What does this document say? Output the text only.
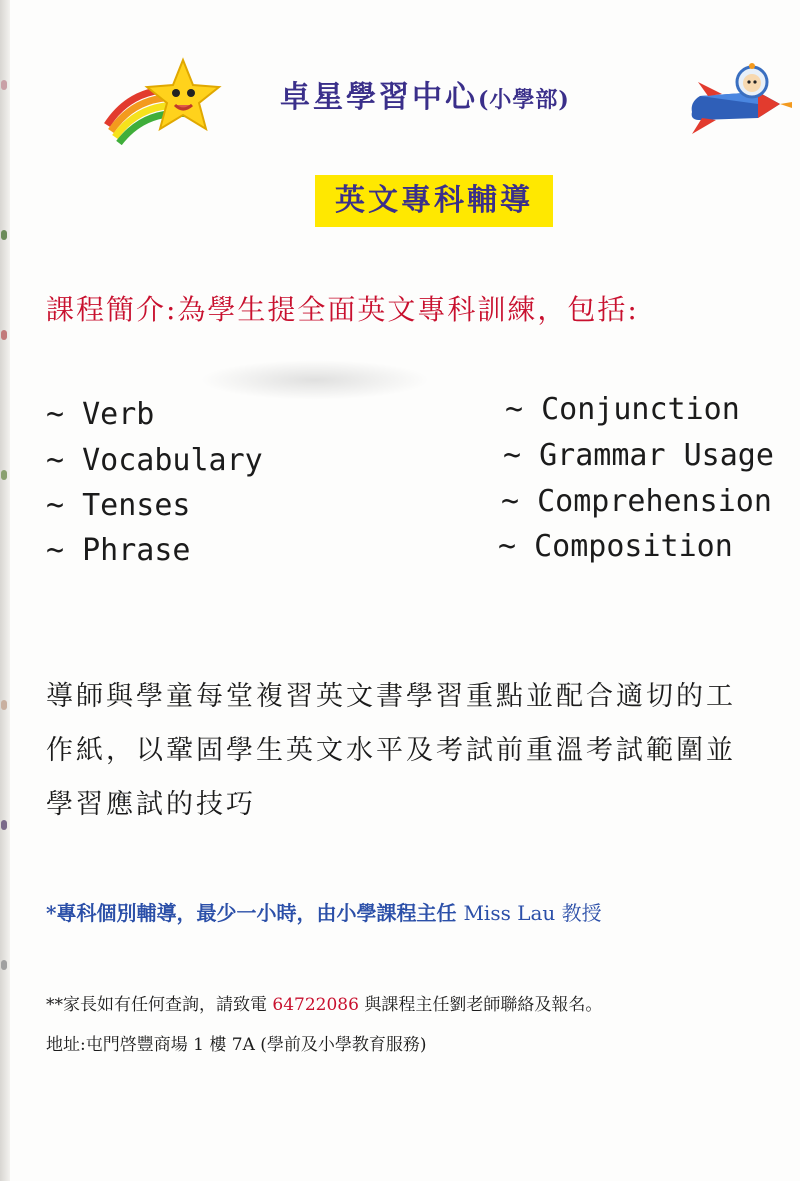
卓星學習中心(小學部)
英文專科輔導
課程簡介:為學生提全面英文專科訓練，包括:
~ Verb
~ Vocabulary
~ Tenses
~ Phrase
~ Conjunction
~ Grammar Usage
~ Comprehension
~ Composition
導師與學童每堂複習英文書學習重點並配合適切的工
作紙，以鞏固學生英文水平及考試前重溫考試範圍並
學習應試的技巧
*專科個別輔導，最少一小時，由小學課程主任 Miss Lau 教授
**家長如有任何查詢，請致電 64722086 與課程主任劉老師聯絡及報名。
地址:屯門啓豐商場 1 樓 7A (學前及小學教育服務)
